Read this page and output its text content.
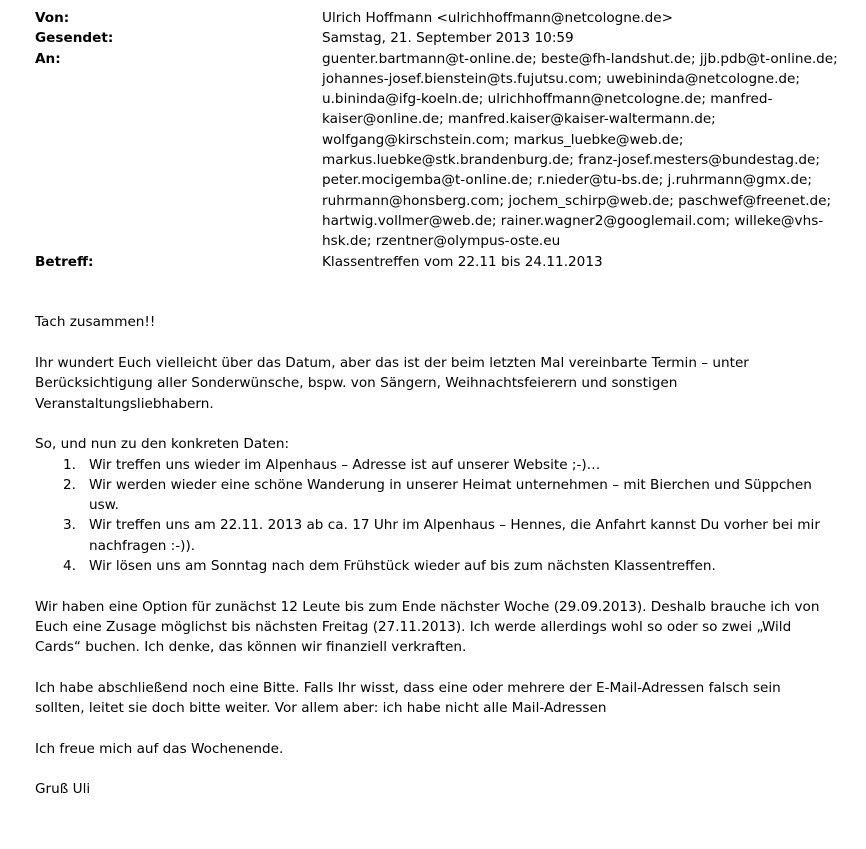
Von:	Ulrich Hoffmann <ulrichhoffmann@netcologne.de>
Gesendet:	Samstag, 21. September 2013 10:59
An:	guenter.bartmann@t-online.de; beste@fh-landshut.de; jjb.pdb@t-online.de;
johannes-josef.bienstein@ts.fujutsu.com; uwebininda@netcologne.de;
u.bininda@ifg-koeln.de; ulrichhoffmann@netcologne.de; manfred-
kaiser@online.de; manfred.kaiser@kaiser-waltermann.de;
wolfgang@kirschstein.com; markus_luebke@web.de;
markus.luebke@stk.brandenburg.de; franz-josef.mesters@bundestag.de;
peter.mocigemba@t-online.de; r.nieder@tu-bs.de; j.ruhrmann@gmx.de;
ruhrmann@honsberg.com; jochem_schirp@web.de; paschwef@freenet.de;
hartwig.vollmer@web.de; rainer.wagner2@googlemail.com; willeke@vhs-
hsk.de; rzentner@olympus-oste.eu
Betreff:	Klassentreffen vom 22.11 bis 24.11.2013

Tach zusammen!!

Ihr wundert Euch vielleicht über das Datum, aber das ist der beim letzten Mal vereinbarte Termin – unter
Berücksichtigung aller Sonderwünsche, bspw. von Sängern, Weihnachtsfeierern und sonstigen
Veranstaltungsliebhabern.

So, und nun zu den konkreten Daten:

1. Wir treffen uns wieder im Alpenhaus – Adresse ist auf unserer Website ;-)…
2. Wir werden wieder eine schöne Wanderung in unserer Heimat unternehmen – mit Bierchen und Süppchen
usw.
3. Wir treffen uns am 22.11. 2013 ab ca. 17 Uhr im Alpenhaus – Hennes, die Anfahrt kannst Du vorher bei mir
nachfragen :-)).
4. Wir lösen uns am Sonntag nach dem Frühstück wieder auf bis zum nächsten Klassentreffen.

Wir haben eine Option für zunächst 12 Leute bis zum Ende nächster Woche (29.09.2013). Deshalb brauche ich von
Euch eine Zusage möglichst bis nächsten Freitag (27.11.2013). Ich werde allerdings wohl so oder so zwei „Wild
Cards“ buchen. Ich denke, das können wir finanziell verkraften.

Ich habe abschließend noch eine Bitte. Falls Ihr wisst, dass eine oder mehrere der E-Mail-Adressen falsch sein
sollten, leitet sie doch bitte weiter. Vor allem aber: ich habe nicht alle Mail-Adressen

Ich freue mich auf das Wochenende.

Gruß Uli
